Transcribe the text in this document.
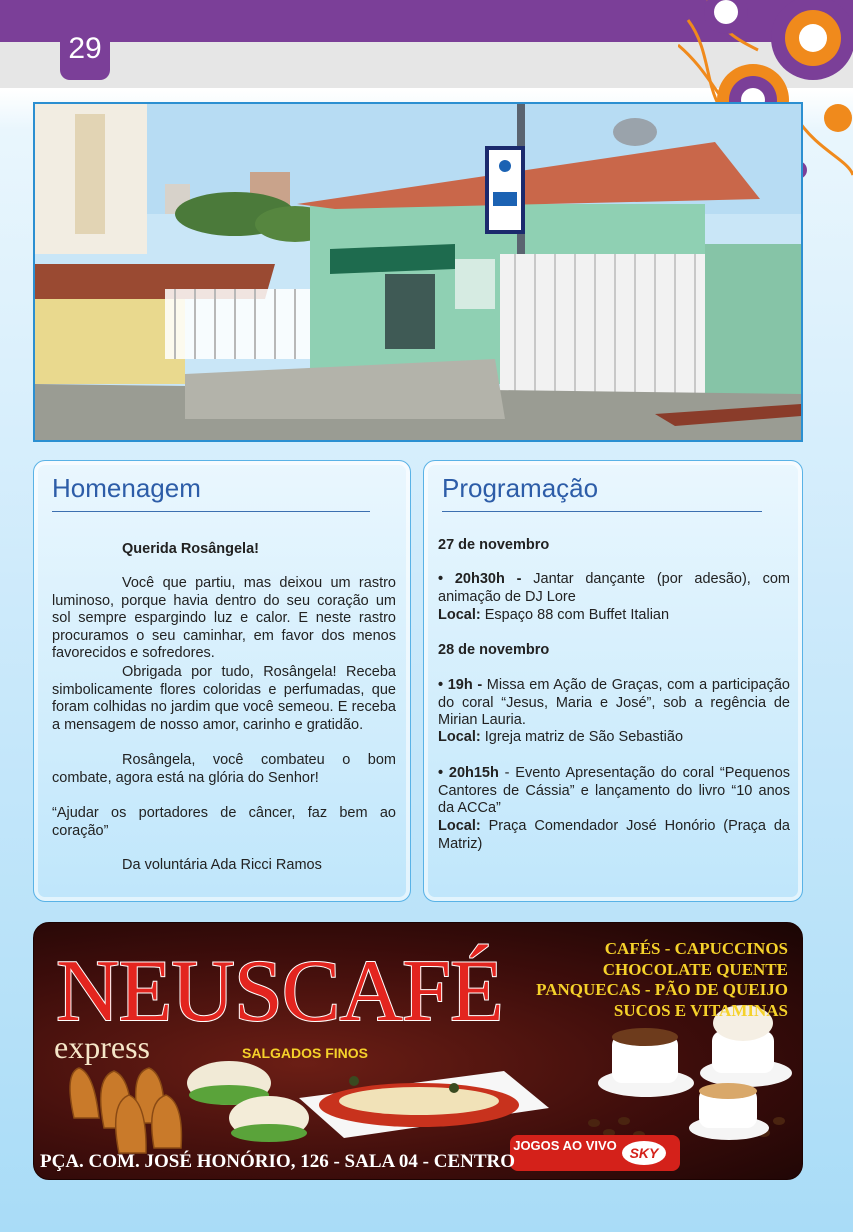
29
Homenagem
Querida Rosângela!
Você que partiu, mas deixou um rastro luminoso, porque havia dentro do seu coração um sol sempre espargindo luz e calor. E neste rastro procuramos o seu caminhar, em favor dos menos favorecidos e sofredores.
Obrigada por tudo, Rosângela! Receba simbolicamente flores coloridas e perfumadas, que foram colhidas no jardim que você semeou. E receba a mensagem de nosso amor, carinho e gratidão.
Rosângela, você combateu o bom combate, agora está na glória do Senhor!
“Ajudar os portadores de câncer, faz bem ao coração”
Da voluntária Ada Ricci Ramos
Programação
27 de novembro
• 20h30h - Jantar dançante (por adesão), com animação de DJ Lore
Local: Espaço 88 com Buffet Italian
28 de novembro
• 19h - Missa em Ação de Graças, com a participação do coral “Jesus, Maria e José”, sob a regência de Mirian Lauria.
Local: Igreja matriz de São Sebastião
• 20h15h - Evento Apresentação do coral “Pequenos Cantores de Cássia” e lançamento do livro “10 anos da ACCa”
Local: Praça Comendador José Honório (Praça da Matriz)
NEUSCAFÉ
express	SALGADOS FINOS
CAFÉS - CAPUCCINOS
CHOCOLATE QUENTE
PANQUECAS - PÃO DE QUEIJO
SUCOS E VITAMINAS
JOGOS AO VIVO SKY
PÇA. COM. JOSÉ HONÓRIO, 126 - SALA 04 - CENTRO
